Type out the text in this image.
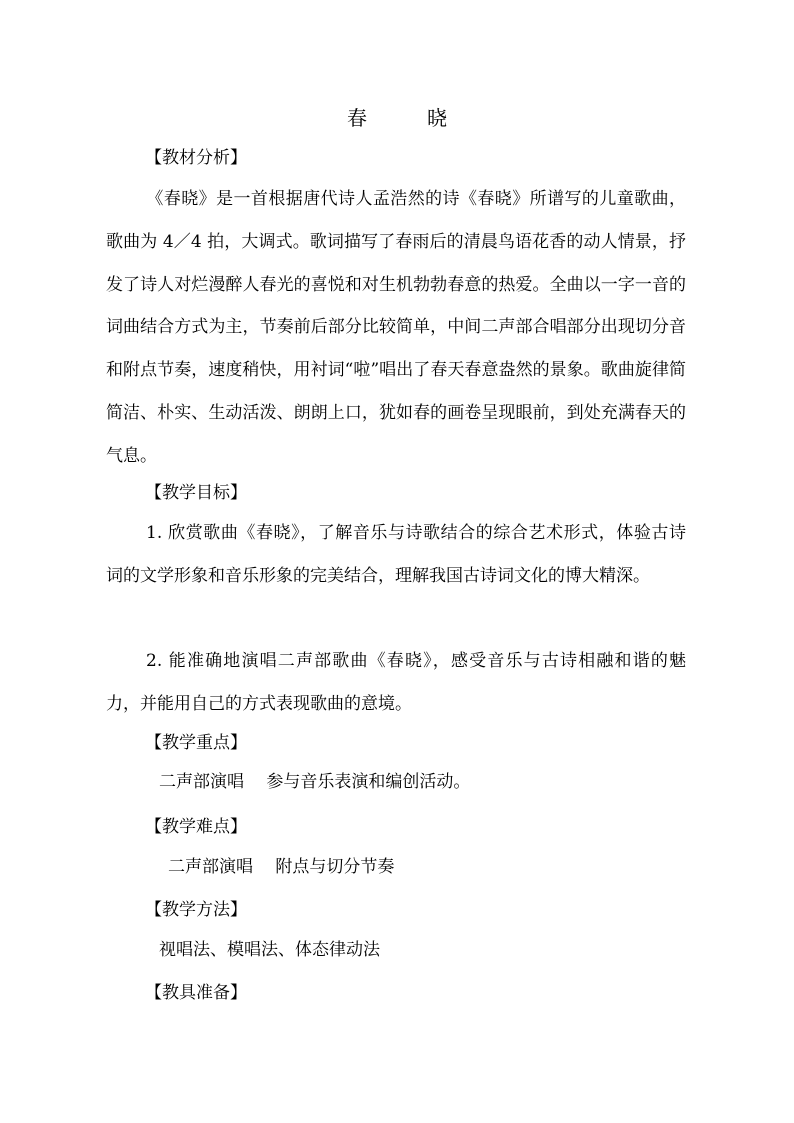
春　　　晓
【教材分析】
《春晓》是一首根据唐代诗人孟浩然的诗《春晓》所谱写的儿童歌曲，歌曲为 4／4 拍，大调式。歌词描写了春雨后的清晨鸟语花香的动人情景，抒发了诗人对烂漫醉人春光的喜悦和对生机勃勃春意的热爱。全曲以一字一音的词曲结合方式为主，节奏前后部分比较简单，中间二声部合唱部分出现切分音和附点节奏，速度稍快，用衬词“啦”唱出了春天春意盎然的景象。歌曲旋律简简洁、朴实、生动活泼、朗朗上口，犹如春的画卷呈现眼前，到处充满春天的气息。
【教学目标】
1. 欣赏歌曲《春晓》，了解音乐与诗歌结合的综合艺术形式，体验古诗词的文学形象和音乐形象的完美结合，理解我国古诗词文化的博大精深。
2. 能准确地演唱二声部歌曲《春晓》，感受音乐与古诗相融和谐的魅力，并能用自己的方式表现歌曲的意境。
【教学重点】
二声部演唱　 参与音乐表演和编创活动。
【教学难点】
二声部演唱　 附点与切分节奏
【教学方法】
视唱法、模唱法、体态律动法
【教具准备】
